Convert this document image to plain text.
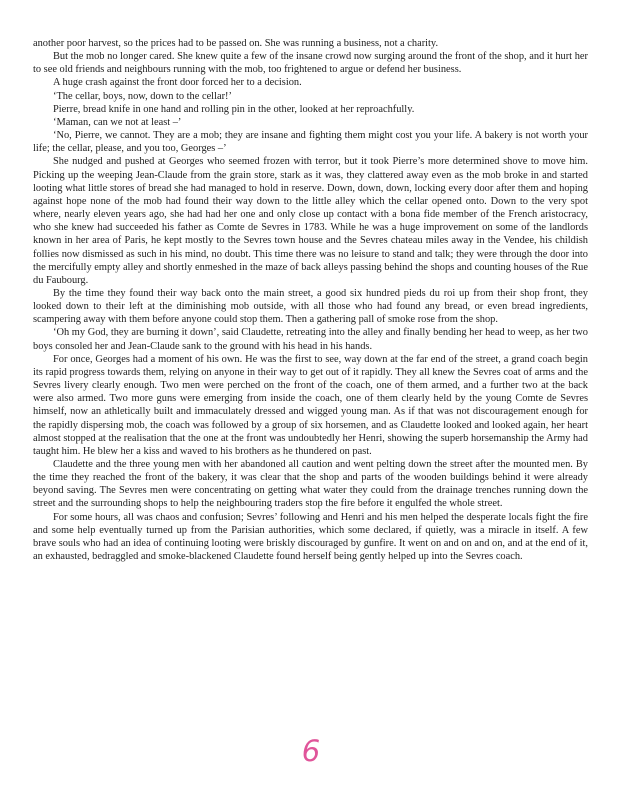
another poor harvest, so the prices had to be passed on. She was running a business, not a charity.

But the mob no longer cared. She knew quite a few of the insane crowd now surging around the front of the shop, and it hurt her to see old friends and neighbours running with the mob, too frightened to argue or defend her business.

A huge crash against the front door forced her to a decision.

‘The cellar, boys, now, down to the cellar!’

Pierre, bread knife in one hand and rolling pin in the other, looked at her reproachfully.

‘Maman, can we not at least –’

‘No, Pierre, we cannot. They are a mob; they are insane and fighting them might cost you your life. A bakery is not worth your life; the cellar, please, and you too, Georges –’

She nudged and pushed at Georges who seemed frozen with terror, but it took Pierre’s more determined shove to move him. Picking up the weeping Jean-Claude from the grain store, stark as it was, they clattered away even as the mob broke in and started looting what little stores of bread she had managed to hold in reserve. Down, down, down, locking every door after them and hoping against hope none of the mob had found their way down to the little alley which the cellar opened onto. Down to the very spot where, nearly eleven years ago, she had had her one and only close up contact with a bona fide member of the French aristocracy, who she knew had succeeded his father as Comte de Sevres in 1783. While he was a huge improvement on some of the landlords known in her area of Paris, he kept mostly to the Sevres town house and the Sevres chateau miles away in the Vendee, his childish follies now dismissed as such in his mind, no doubt. This time there was no leisure to stand and talk; they were through the door into the mercifully empty alley and shortly enmeshed in the maze of back alleys passing behind the shops and counting houses of the Rue du Faubourg.

By the time they found their way back onto the main street, a good six hundred pieds du roi up from their shop front, they looked down to their left at the diminishing mob outside, with all those who had found any bread, or even bread ingredients, scampering away with them before anyone could stop them. Then a gathering pall of smoke rose from the shop.

‘Oh my God, they are burning it down’, said Claudette, retreating into the alley and finally bending her head to weep, as her two boys consoled her and Jean-Claude sank to the ground with his head in his hands.

For once, Georges had a moment of his own. He was the first to see, way down at the far end of the street, a grand coach begin its rapid progress towards them, relying on anyone in their way to get out of it rapidly. They all knew the Sevres coat of arms and the Sevres livery clearly enough. Two men were perched on the front of the coach, one of them armed, and a further two at the back were also armed. Two more guns were emerging from inside the coach, one of them clearly held by the young Comte de Sevres himself, now an athletically built and immaculately dressed and wigged young man. As if that was not discouragement enough for the rapidly dispersing mob, the coach was followed by a group of six horsemen, and as Claudette looked and looked again, her heart almost stopped at the realisation that the one at the front was undoubtedly her Henri, showing the superb horsemanship the Army had taught him. He blew her a kiss and waved to his brothers as he thundered on past.

Claudette and the three young men with her abandoned all caution and went pelting down the street after the mounted men. By the time they reached the front of the bakery, it was clear that the shop and parts of the wooden buildings behind it were already beyond saving. The Sevres men were concentrating on getting what water they could from the drainage trenches running down the street and the surrounding shops to help the neighbouring traders stop the fire before it engulfed the whole street.

For some hours, all was chaos and confusion; Sevres’ following and Henri and his men helped the desperate locals fight the fire and some help eventually turned up from the Parisian authorities, which some declared, if quietly, was a miracle in itself. A few brave souls who had an idea of continuing looting were briskly discouraged by gunfire. It went on and on and on, and at the end of it, an exhausted, bedraggled and smoke-blackened Claudette found herself being gently helped up into the Sevres coach.

6
